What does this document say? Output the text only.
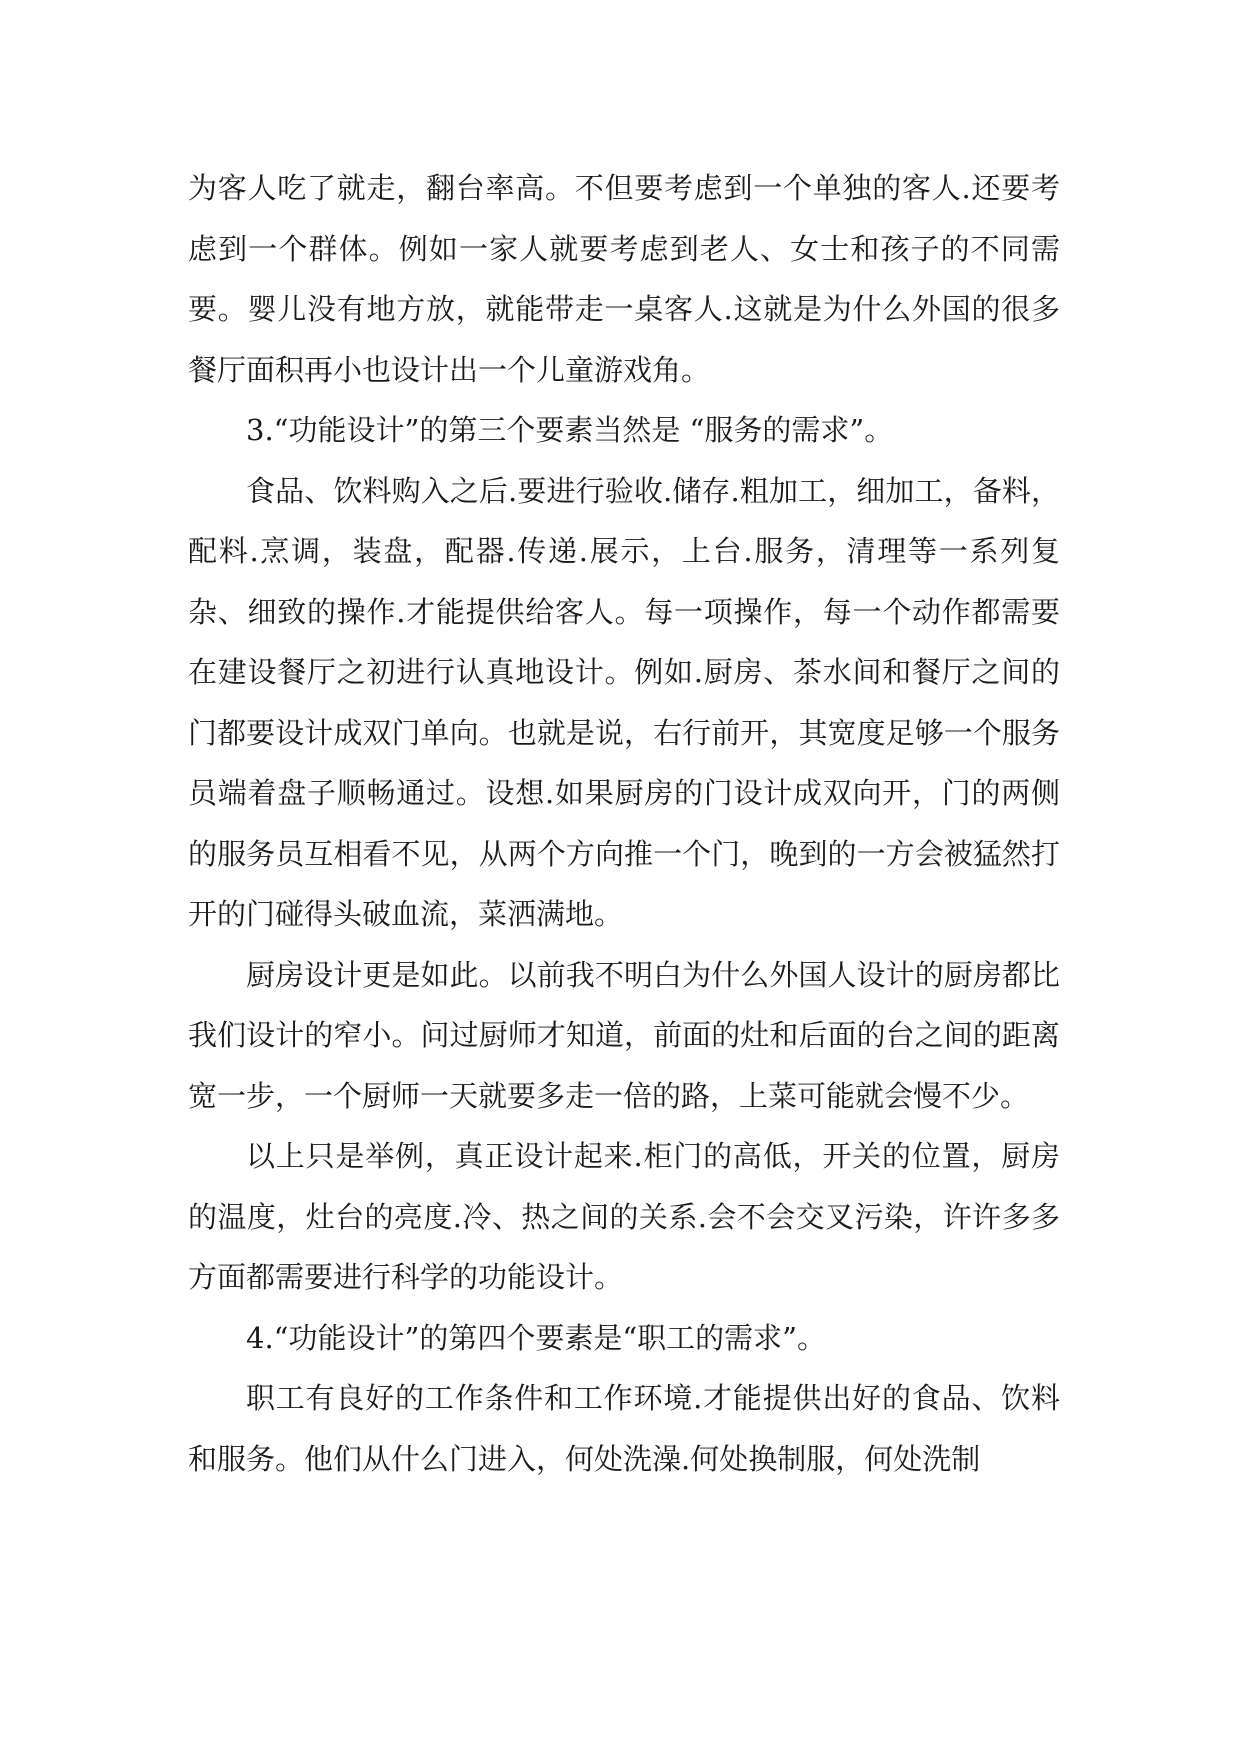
为客人吃了就走，翻台率高。不但要考虑到一个单独的客人.还要考虑到一个群体。例如一家人就要考虑到老人、女士和孩子的不同需要。婴儿没有地方放，就能带走一桌客人.这就是为什么外国的很多餐厅面积再小也设计出一个儿童游戏角。

3.“功能设计”的第三个要素当然是 “服务的需求”。

食品、饮料购入之后.要进行验收.储存.粗加工，细加工，备料，配料.烹调，装盘，配器.传递.展示，上台.服务，清理等一系列复杂、细致的操作.才能提供给客人。每一项操作，每一个动作都需要在建设餐厅之初进行认真地设计。例如.厨房、茶水间和餐厅之间的门都要设计成双门单向。也就是说，右行前开，其宽度足够一个服务员端着盘子顺畅通过。设想.如果厨房的门设计成双向开，门的两侧的服务员互相看不见，从两个方向推一个门，晚到的一方会被猛然打开的门碰得头破血流，菜洒满地。

厨房设计更是如此。以前我不明白为什么外国人设计的厨房都比我们设计的窄小。问过厨师才知道，前面的灶和后面的台之间的距离宽一步，一个厨师一天就要多走一倍的路，上菜可能就会慢不少。

以上只是举例，真正设计起来.柜门的高低，开关的位置，厨房的温度，灶台的亮度.冷、热之间的关系.会不会交叉污染，许许多多方面都需要进行科学的功能设计。

4.“功能设计”的第四个要素是“职工的需求”。

职工有良好的工作条件和工作环境.才能提供出好的食品、饮料和服务。他们从什么门进入，何处洗澡.何处换制服，何处洗制
